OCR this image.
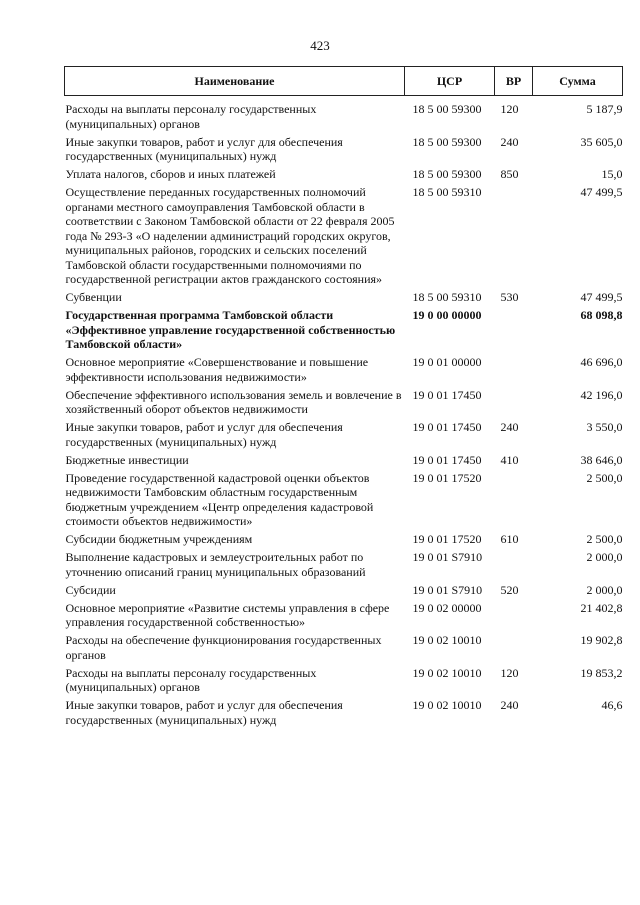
423
Наименование	ЦСР	ВР	Сумма
Расходы на выплаты персоналу государственных (муниципальных) органов	18 5 00 59300	120	5 187,9
Иные закупки товаров, работ и услуг для обеспечения государственных (муниципальных) нужд	18 5 00 59300	240	35 605,0
Уплата налогов, сборов и иных платежей	18 5 00 59300	850	15,0
Осуществление переданных государственных полномочий органами местного самоуправления Тамбовской области в соответствии с Законом Тамбовской области от 22 февраля 2005 года № 293-З «О наделении администраций городских округов, муниципальных районов, городских и сельских поселений Тамбовской области государственными полномочиями по государственной регистрации актов гражданского состояния»	18 5 00 59310		47 499,5
Субвенции	18 5 00 59310	530	47 499,5
Государственная программа Тамбовской области «Эффективное управление государственной собственностью Тамбовской области»	19 0 00 00000		68 098,8
Основное мероприятие «Совершенствование и повышение эффективности использования недвижимости»	19 0 01 00000		46 696,0
Обеспечение эффективного использования земель и вовлечение в хозяйственный оборот объектов недвижимости	19 0 01 17450		42 196,0
Иные закупки товаров, работ и услуг для обеспечения государственных (муниципальных) нужд	19 0 01 17450	240	3 550,0
Бюджетные инвестиции	19 0 01 17450	410	38 646,0
Проведение государственной кадастровой оценки объектов недвижимости Тамбовским областным государственным бюджетным учреждением «Центр определения кадастровой стоимости объектов недвижимости»	19 0 01 17520		2 500,0
Субсидии бюджетным учреждениям	19 0 01 17520	610	2 500,0
Выполнение кадастровых и землеустроительных работ по уточнению описаний границ муниципальных образований	19 0 01 S7910		2 000,0
Субсидии	19 0 01 S7910	520	2 000,0
Основное мероприятие «Развитие системы управления в сфере управления государственной собственностью»	19 0 02 00000		21 402,8
Расходы на обеспечение функционирования государственных органов	19 0 02 10010		19 902,8
Расходы на выплаты персоналу государственных (муниципальных) органов	19 0 02 10010	120	19 853,2
Иные закупки товаров, работ и услуг для обеспечения государственных (муниципальных) нужд	19 0 02 10010	240	46,6
